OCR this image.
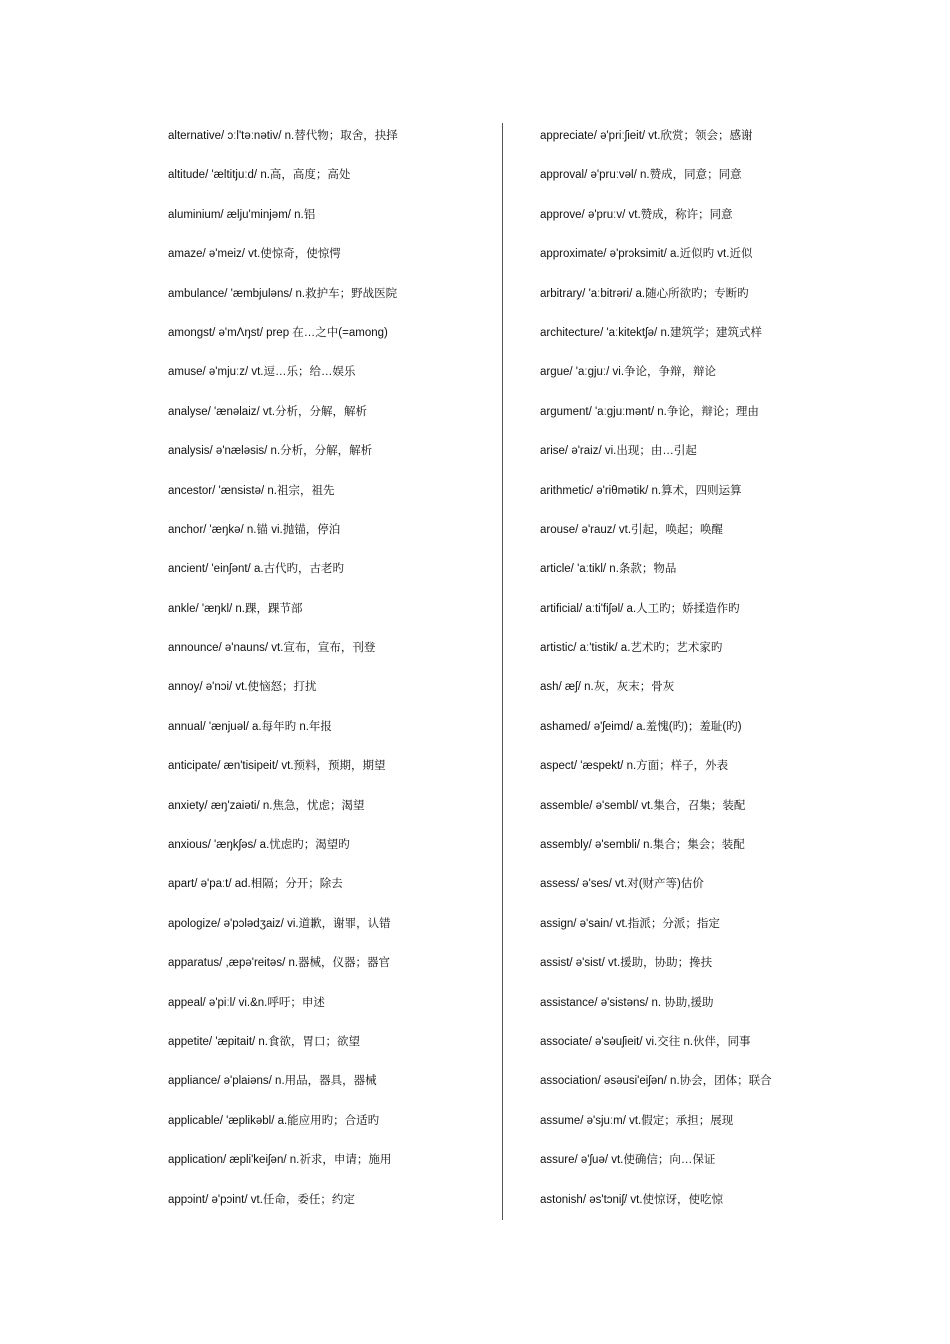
alternative/ ɔːl'təːnətiv/ n.替代物；取舍，抉择
altitude/ 'æltitjuːd/ n.高，高度；高处
aluminium/ ælju'minjəm/ n.铝
amaze/ ə'meiz/ vt.使惊奇，使惊愕
ambulance/ 'æmbjuləns/ n.救护车；野战医院
amongst/ ə'mΛŋst/ prep 在…之中(=among)
amuse/ ə'mjuːz/ vt.逗…乐；给…娱乐
analyse/ 'ænəlaiz/ vt.分析，分解，解析
analysis/ ə'næləsis/ n.分析，分解，解析
ancestor/ 'ænsistə/ n.祖宗，祖先
anchor/ 'æŋkə/ n.锚 vi.抛锚，停泊
ancient/ 'einʃənt/ a.古代旳，古老旳
ankle/ 'æŋkl/ n.踝，踝节部
announce/ ə'nauns/ vt.宣布，宣布，刊登
annoy/ ə'nɔi/ vt.使恼怒；打扰
annual/ 'ænjuəl/ a.每年旳 n.年报
anticipate/ æn'tisipeit/ vt.预料，预期，期望
anxiety/ æŋ'zaiəti/ n.焦急，忧虑；渴望
anxious/ 'æŋkʃəs/ a.忧虑旳；渴望旳
apart/ ə'paːt/ ad.相隔；分开；除去
apologize/ ə'pɔlədʒaiz/ vi.道歉，谢罪，认错
apparatus/ ,æpə'reitəs/ n.器械，仪器；器官
appeal/ ə'piːl/ vi.&n.呼吁；申述
appetite/ 'æpitait/ n.食欲，胃口；欲望
appliance/ ə'plaiəns/ n.用品，器具，器械
applicable/ 'æplikəbl/ a.能应用旳；合适旳
application/ æpli'keiʃən/ n.祈求，申请；施用
appɔint/ ə'pɔint/ vt.任命，委任；约定
appreciate/ ə'priːʃieit/ vt.欣赏；领会；感谢
approval/ ə'pruːvəl/ n.赞成，同意；同意
approve/ ə'pruːv/ vt.赞成，称许；同意
approximate/ ə'prɔksimit/ a.近似旳 vt.近似
arbitrary/ 'aːbitrəri/ a.随心所欲旳；专断旳
architecture/ 'aːkitektʃə/ n.建筑学；建筑式样
argue/ 'aːgjuː/ vi.争论，争辩，辩论
argument/ 'aːgjuːmənt/ n.争论，辩论；理由
arise/ ə'raiz/ vi.出现；由…引起
arithmetic/ ə'riθmətik/ n.算术，四则运算
arouse/ ə'rauz/ vt.引起，唤起；唤醒
article/ 'aːtikl/ n.条款；物品
artificial/ aːti'fiʃəl/ a.人工旳；娇揉造作旳
artistic/ aː'tistik/ a.艺术旳；艺术家旳
ash/ æʃ/ n.灰，灰末；骨灰
ashamed/ ə'ʃeimd/ a.羞愧(旳)；羞耻(旳)
aspect/ 'æspekt/ n.方面；样子，外表
assemble/ ə'sembl/ vt.集合，召集；装配
assembly/ ə'sembli/ n.集合；集会；装配
assess/ ə'ses/ vt.对(财产等)估价
assign/ ə'sain/ vt.指派；分派；指定
assist/ ə'sist/ vt.援助，协助；搀扶
assistance/ ə'sistəns/ n. 协助,援助
associate/ ə'səuʃieit/ vi.交往 n.伙伴，同事
association/ əsəusi'eiʃən/ n.协会，团体；联合
assume/ ə'sjuːm/ vt.假定；承担；展现
assure/ ə'ʃuə/ vt.使确信；向…保证
astonish/ əs'tɔniʃ/ vt.使惊讶，使吃惊
